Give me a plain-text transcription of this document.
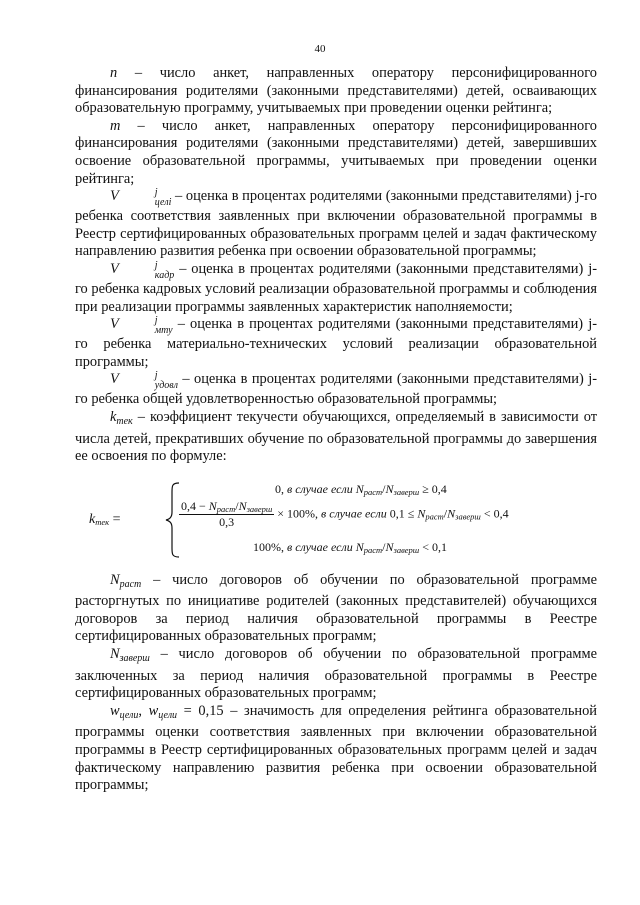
40

n – число анкет, направленных оператору персонифицированного финансирования родителями (законными представителями) детей, осваивающих образовательную программу, учитываемых при проведении оценки рейтинга;

m – число анкет, направленных оператору персонифицированного финансирования родителями (законными представителями) детей, завершивших освоение образовательной программы, учитываемых при проведении оценки рейтинга;

V	j
целi – оценка в процентах родителями (законными представителями) j-го ребенка соответствия заявленных при включении образовательной программы в Реестр сертифицированных образовательных программ целей и задач фактическому направлению развития ребенка при освоении образовательной программы;

V	j
кадр – оценка в процентах родителями (законными представителями) j-го ребенка кадровых условий реализации образовательной программы и соблюдения при реализации программы заявленных характеристик наполняемости;

V	j
мту – оценка в процентах родителями (законными представителями) j-го ребенка материально-технических условий реализации образовательной программы;

V	j
удовл – оценка в процентах родителями (законными представителями) j-го ребенка общей удовлетворенностью образовательной программы;

$k_{тек}$ – коэффициент текучести обучающихся, определяемый в зависимости от числа детей, прекративших обучение по образовательной программы до завершения ее освоения по формуле:

kтек =
0, в случае если Nраст/Nзаверш ≥ 0,4
$\frac{\text{0,4 − Nраст/Nзаверш}}{0,3} \times 100\%$, в случае если 0,1 ≤ Nраст/Nзаверш < 0,4
100%, в случае если Nраст/Nзаверш < 0,1

$N_{раст}$ – число договоров об обучении по образовательной программе расторгнутых по инициативе родителей (законных представителей) обучающихся договоров за период наличия образовательной программы в Реестре сертифицированных образовательных программ;

$N_{заверш}$ – число договоров об обучении по образовательной программе заключенных за период наличия образовательной программы в Реестре сертифицированных образовательных программ;

$w_{цели}$, $w_{цели} = 0,15$ – значимость для определения рейтинга образовательной программы оценки соответствия заявленных при включении образовательной программы в Реестр сертифицированных образовательных программ целей и задач фактическому направлению развития ребенка при освоении образовательной программы;
